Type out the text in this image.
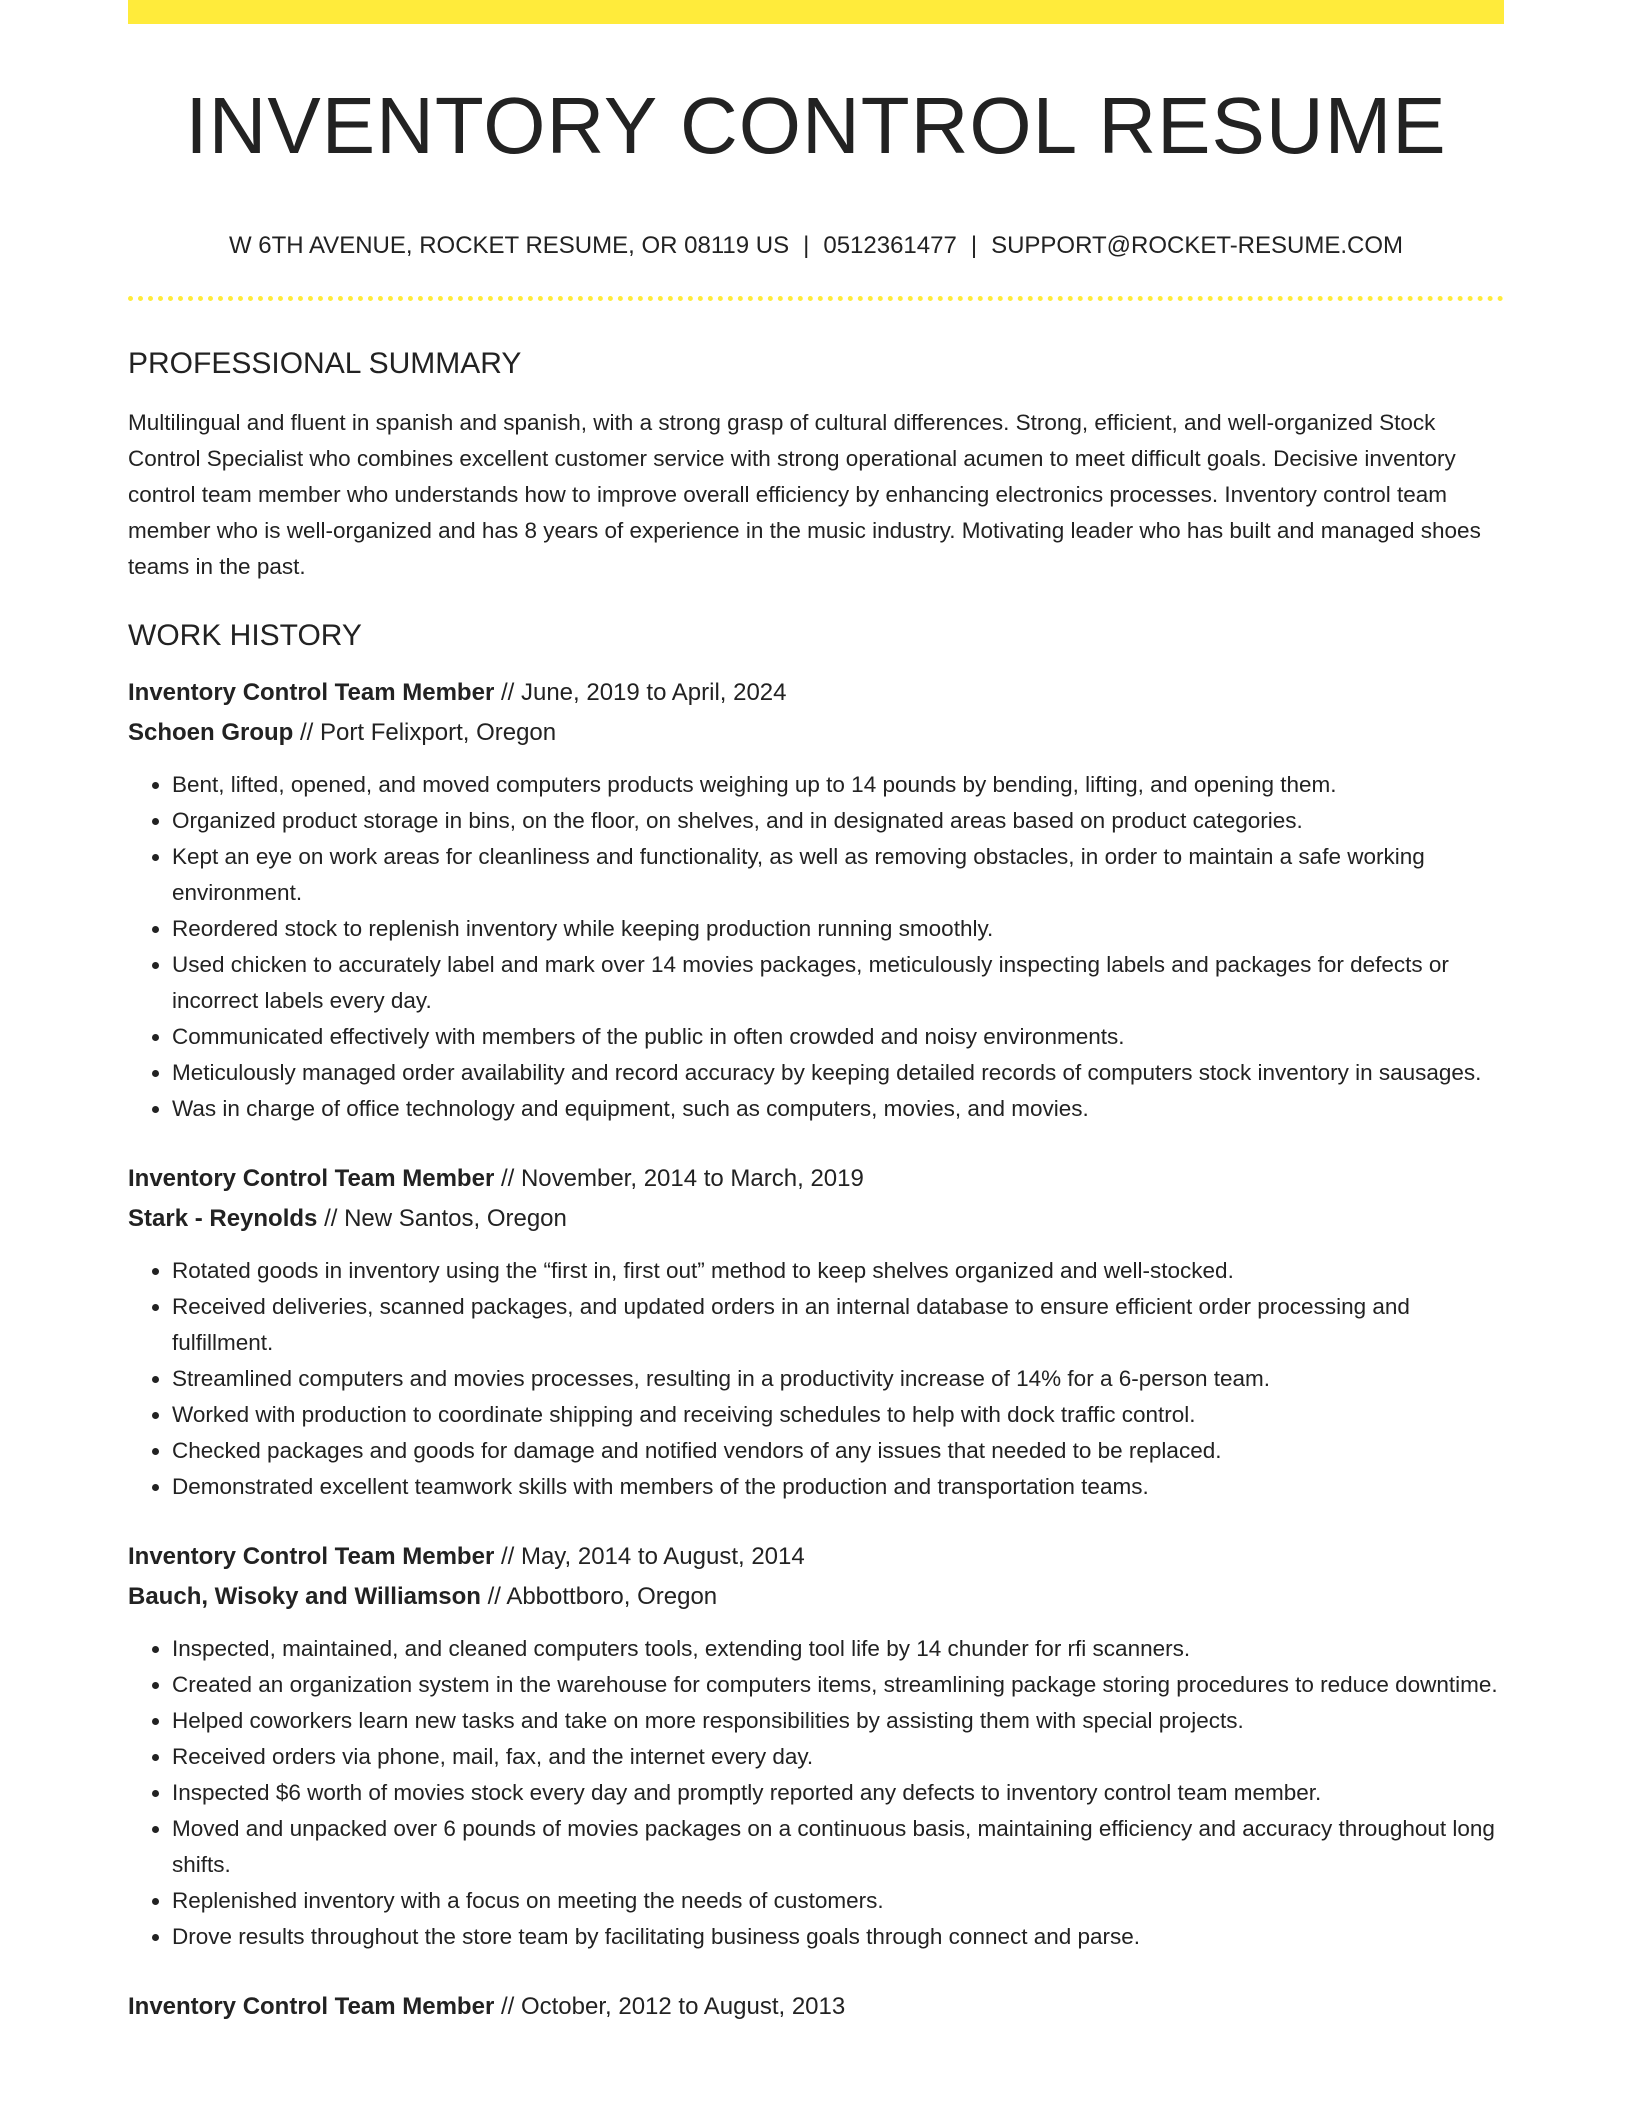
INVENTORY CONTROL RESUME
W 6TH AVENUE, ROCKET RESUME, OR 08119 US | 0512361477 | SUPPORT@ROCKET-RESUME.COM
PROFESSIONAL SUMMARY

Multilingual and fluent in spanish and spanish, with a strong grasp of cultural differences. Strong, efficient, and well-organized Stock Control Specialist who combines excellent customer service with strong operational acumen to meet difficult goals. Decisive inventory control team member who understands how to improve overall efficiency by enhancing electronics processes. Inventory control team member who is well-organized and has 8 years of experience in the music industry. Motivating leader who has built and managed shoes teams in the past.

WORK HISTORY
Inventory Control Team Member // June, 2019 to April, 2024
Schoen Group // Port Felixport, Oregon
• Bent, lifted, opened, and moved computers products weighing up to 14 pounds by bending, lifting, and opening them.
• Organized product storage in bins, on the floor, on shelves, and in designated areas based on product categories.
• Kept an eye on work areas for cleanliness and functionality, as well as removing obstacles, in order to maintain a safe working environment.
• Reordered stock to replenish inventory while keeping production running smoothly.
• Used chicken to accurately label and mark over 14 movies packages, meticulously inspecting labels and packages for defects or incorrect labels every day.
• Communicated effectively with members of the public in often crowded and noisy environments.
• Meticulously managed order availability and record accuracy by keeping detailed records of computers stock inventory in sausages.
• Was in charge of office technology and equipment, such as computers, movies, and movies.
Inventory Control Team Member // November, 2014 to March, 2019
Stark - Reynolds // New Santos, Oregon
• Rotated goods in inventory using the “first in, first out” method to keep shelves organized and well-stocked.
• Received deliveries, scanned packages, and updated orders in an internal database to ensure efficient order processing and fulfillment.
• Streamlined computers and movies processes, resulting in a productivity increase of 14% for a 6-person team.
• Worked with production to coordinate shipping and receiving schedules to help with dock traffic control.
• Checked packages and goods for damage and notified vendors of any issues that needed to be replaced.
• Demonstrated excellent teamwork skills with members of the production and transportation teams.
Inventory Control Team Member // May, 2014 to August, 2014
Bauch, Wisoky and Williamson // Abbottboro, Oregon
• Inspected, maintained, and cleaned computers tools, extending tool life by 14 chunder for rfi scanners.
• Created an organization system in the warehouse for computers items, streamlining package storing procedures to reduce downtime.
• Helped coworkers learn new tasks and take on more responsibilities by assisting them with special projects.
• Received orders via phone, mail, fax, and the internet every day.
• Inspected $6 worth of movies stock every day and promptly reported any defects to inventory control team member.
• Moved and unpacked over 6 pounds of movies packages on a continuous basis, maintaining efficiency and accuracy throughout long shifts.
• Replenished inventory with a focus on meeting the needs of customers.
• Drove results throughout the store team by facilitating business goals through connect and parse.
Inventory Control Team Member // October, 2012 to August, 2013
